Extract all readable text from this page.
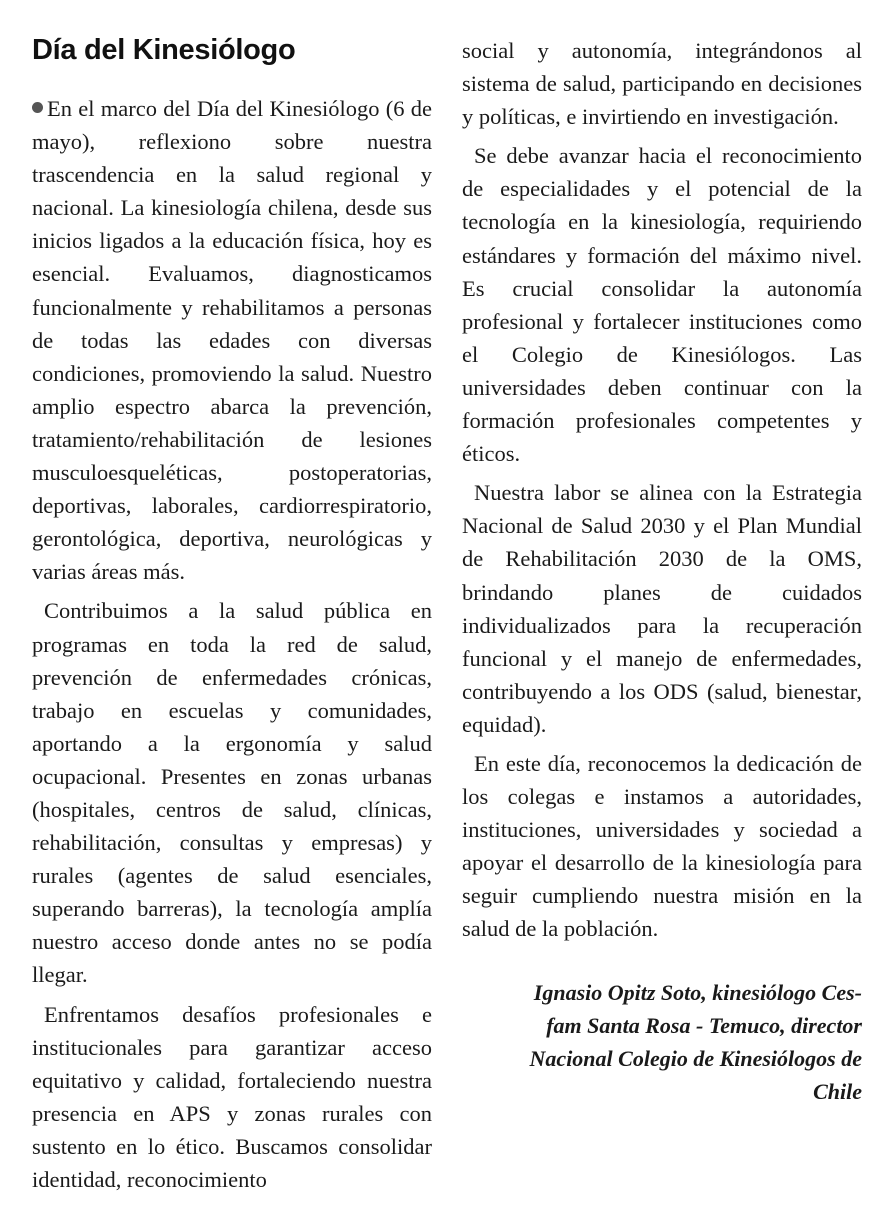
Día del Kinesiólogo

En el marco del Día del Kinesiólogo (6 de mayo), reflexiono sobre nuestra trascendencia en la salud regional y nacional. La kinesiología chilena, desde sus inicios ligados a la educación física, hoy es esencial. Evaluamos, diagnosticamos funcionalmente y rehabilitamos a personas de todas las edades con diversas condiciones, promoviendo la salud. Nuestro amplio espectro abarca la prevención, tratamiento/rehabilitación de lesiones musculoesqueléticas, postoperatorias, deportivas, laborales, cardiorrespiratorio, gerontológica, deportiva, neurológicas y varias áreas más.

Contribuimos a la salud pública en programas en toda la red de salud, prevención de enfermedades crónicas, trabajo en escuelas y comunidades, aportando a la ergonomía y salud ocupacional. Presentes en zonas urbanas (hospitales, centros de salud, clínicas, rehabilitación, consultas y empresas) y rurales (agentes de salud esenciales, superando barreras), la tecnología amplía nuestro acceso donde antes no se podía llegar.

Enfrentamos desafíos profesionales e institucionales para garantizar acceso equitativo y calidad, fortaleciendo nuestra presencia en APS y zonas rurales con sustento en lo ético. Buscamos consolidar identidad, reconocimiento

social y autonomía, integrándonos al sistema de salud, participando en decisiones y políticas, e invirtiendo en investigación.

Se debe avanzar hacia el reconocimiento de especialidades y el potencial de la tecnología en la kinesiología, requiriendo estándares y formación del máximo nivel. Es crucial consolidar la autonomía profesional y fortalecer instituciones como el Colegio de Kinesiólogos. Las universidades deben continuar con la formación profesionales competentes y éticos.

Nuestra labor se alinea con la Estrategia Nacional de Salud 2030 y el Plan Mundial de Rehabilitación 2030 de la OMS, brindando planes de cuidados individualizados para la recuperación funcional y el manejo de enfermedades, contribuyendo a los ODS (salud, bienestar, equidad).

En este día, reconocemos la dedicación de los colegas e instamos a autoridades, instituciones, universidades y sociedad a apoyar el desarrollo de la kinesiología para seguir cumpliendo nuestra misión en la salud de la población.

Ignasio Opitz Soto, kinesiólogo Ces-
fam Santa Rosa - Temuco, director
Nacional Colegio de Kinesiólogos de
Chile
